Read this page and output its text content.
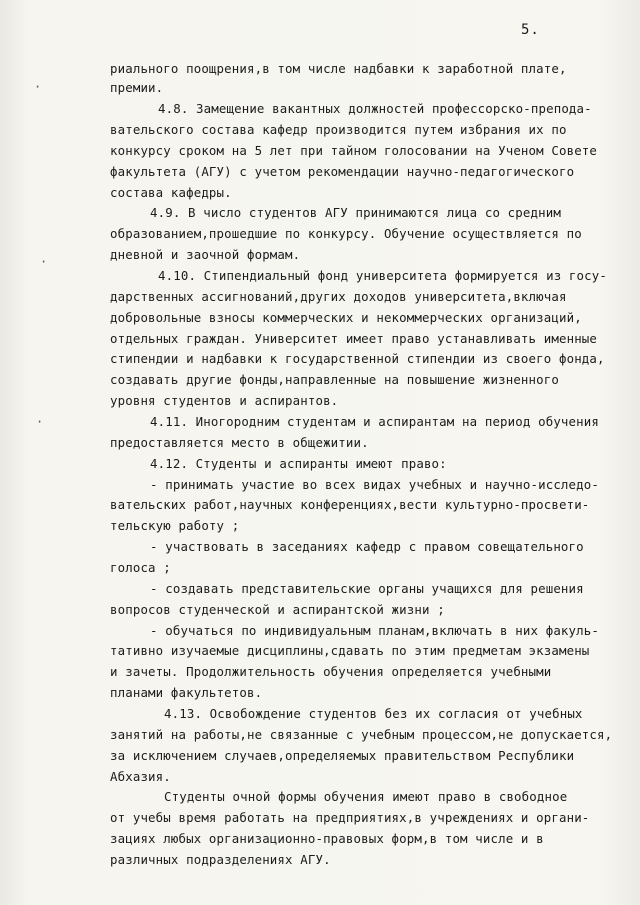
5.
риального поощрения,в том числе надбавки к заработной плате,
премии.
4.8. Замещение вакантных должностей профессорско-препода-
вательского состава кафедр производится путем избрания их по
конкурсу сроком на 5 лет при тайном голосовании на Ученом Совете
факультета (АГУ) с учетом рекомендации научно-педагогического
состава кафедры.
4.9. В число студентов АГУ принимаются лица со средним
образованием,прошедшие по конкурсу. Обучение осуществляется по
дневной и заочной формам.
4.10. Стипендиальный фонд университета формируется из госу-
дарственных ассигнований,других доходов университета,включая
добровольные взносы коммерческих и некоммерческих организаций,
отдельных граждан. Университет имеет право устанавливать именные
стипендии и надбавки к государственной стипендии из своего фонда,
создавать другие фонды,направленные на повышение жизненного
уровня студентов и аспирантов.
4.11. Иногородним студентам и аспирантам на период обучения
предоставляется место в общежитии.
4.12. Студенты и аспиранты имеют право:
- принимать участие во всех видах учебных и научно-исследо-
вательских работ,научных конференциях,вести культурно-просвети-
тельскую работу ;
- участвовать в заседаниях кафедр с правом совещательного
голоса ;
- создавать представительские органы учащихся для решения
вопросов студенческой и аспирантской жизни ;
- обучаться по индивидуальным планам,включать в них факуль-
тативно изучаемые дисциплины,сдавать по этим предметам экзамены
и зачеты. Продолжительность обучения определяется учебными
планами факультетов.
4.13. Освобождение студентов без их согласия от учебных
занятий на работы,не связанные с учебным процессом,не допускается,
за исключением случаев,определяемых правительством Республики
Абхазия.
Студенты очной формы обучения имеют право в свободное
от учебы время работать на предприятиях,в учреждениях и органи-
зациях любых организационно-правовых форм,в том числе и в
различных подразделениях АГУ.
·
·
·
